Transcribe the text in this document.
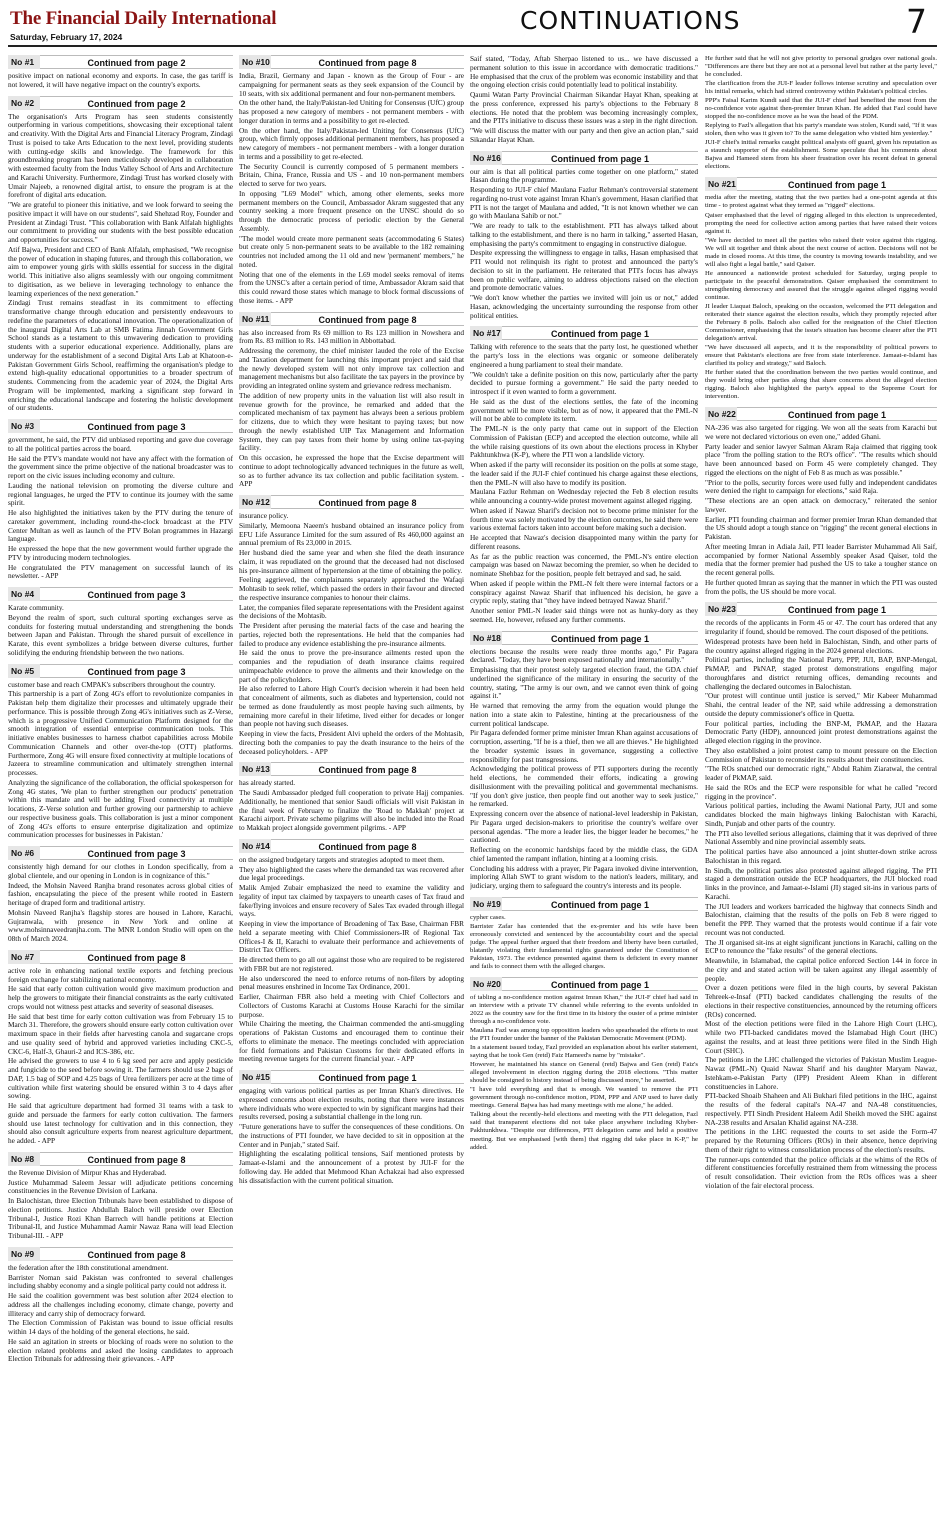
The Financial Daily International
Saturday, February 17, 2024
CONTINUATIONS	7
No #1	Continued from page 2

positive impact on national economy and exports. In case, the gas tariff is not lowered, it will have negative impact on the country's exports.

No #2	Continued from page 2

The organisation's Arts Program has seen students consistently outperforming in various competitions, showcasing their exceptional talent and creativity. With the Digital Arts and Financial Literacy Program, Zindagi Trust is poised to take Arts Education to the next level, providing students with cutting-edge skills and knowledge. The framework for this groundbreaking program has been meticulously developed in collaboration with esteemed faculty from the Indus Valley School of Arts and Architecture and Karachi University. Furthermore, Zindagi Trust has worked closely with Umair Najeeb, a renowned digital artist, to ensure the program is at the forefront of digital arts education.

"We are grateful to pioneer this initiative, and we look forward to seeing the positive impact it will have on our students", said Shehzad Roy, Founder and President at Zindagi Trust. "This collaboration with Bank Alfalah highlights our commitment to providing our students with the best possible education and opportunities for success."

Atif Bajwa, President and CEO of Bank Alfalah, emphasised, "We recognise the power of education in shaping futures, and through this collaboration, we aim to empower young girls with skills essential for success in the digital world. This initiative also aligns seamlessly with our ongoing commitment to digitisation, as we believe in leveraging technology to enhance the learning experiences of the next generation."

Zindagi Trust remains steadfast in its commitment to effecting transformative change through education and persistently endeavours to redefine the parameters of educational innovation. The operationalization of the inaugural Digital Arts Lab at SMB Fatima Jinnah Government Girls School stands as a testament to this unwavering dedication to providing students with a superior educational experience. Additionally, plans are underway for the establishment of a second Digital Arts Lab at Khatoon-e-Pakistan Government Girls School, reaffirming the organisation's pledge to extend high-quality educational opportunities to a broader spectrum of students. Commencing from the academic year of 2024, the Digital Arts Program will be implemented, marking a significant step forward in enriching the educational landscape and fostering the holistic development of our students.

No #3	Continued from page 3

government, he said, the PTV did unbiased reporting and gave due coverage to all the political parties across the board.

He said the PTV's mandate would not have any affect with the formation of the government since the prime objective of the national broadcaster was to report on the civic issues including economy and culture.

Lauding the national television on promoting the diverse culture and regional languages, he urged the PTV to continue its journey with the same spirit.

He also highlighted the initiatives taken by the PTV during the tenure of caretaker government, including round-the-clock broadcast at the PTV Center Multan as well as launch of the PTV Bolan programmes in Hazargi language.

He expressed the hope that the new government would further upgrade the PTV by introducing modern technologies.

He congratulated the PTV management on successful launch of its newsletter. - APP

No #4	Continued from page 3

Karate community.

Beyond the realm of sport, such cultural sporting exchanges serve as conduits for fostering mutual understanding and strengthening the bonds between Japan and Pakistan. Through the shared pursuit of excellence in Karate, this event symbolizes a bridge between diverse cultures, further solidifying the enduring friendship between the two nations.

No #5	Continued from page 3

customer base and reach CMPAK's subscribers throughout the country.

This partnership is a part of Zong 4G's effort to revolutionize companies in Pakistan help them digitalize their processes and ultimately upgrade their performance. This is possible through Zong 4G's initiatives such as Z-Verse, which is a progressive Unified Communication Platform designed for the smooth integration of essential enterprise communication tools. This initiative enables businesses to harness chatbot capabilities across Mobile Communication Channels and other over-the-top (OTT) platforms. Furthermore, Zong 4G will ensure fixed connectivity at multiple locations of Jazeera to streamline communication and ultimately strengthen internal processes.

Analyzing the significance of the collaboration, the official spokesperson for Zong 4G states, 'We plan to further strengthen our products' penetration within this mandate and will be adding Fixed connectivity at multiple locations, Z-Verse solution and further growing our partnership to achieve our respective business goals. This collaboration is just a minor component of Zong 4G's efforts to ensure enterprise digitalization and optimize communication processes for businesses in Pakistan.'

No #6	Continued from page 3

consistently high demand for our clothes in London specifically, from a global clientele, and our opening in London is in cognizance of this."

Indeed, the Mohsin Naveed Ranjha brand resonates across global cities of fashion, encapsulating the piece of the present while rooted in Eastern heritage of draped form and traditional artistry.

Mohsin Naveed Ranjha's flagship stores are housed in Lahore, Karachi, Gujranwala, with presence in New York and online at www.mohsinnaveedranjha.com. The MNR London Studio will open on the 08th of March 2024.

No #7	Continued from page 8

active role in enhancing national textile exports and fetching precious foreign exchange for stabilizing national economy.

He said that early cotton cultivation would give maximum production and help the growers to mitigate their financial constraints as the early cultivated crops would not witness pest attacks and severity of seasonal diseases.

He said that best time for early cotton cultivation was from February 15 to March 31. Therefore, the growers should ensure early cotton cultivation over maximum space in their fields after harvesting canola and sugarcane crops and use quality seed of hybrid and approved varieties including CKC-5, CKC-6, Half-3, Ghauri-2 and ICS-386, etc.

He advised the growers to use 4 to 6 kg seed per acre and apply pesticide and fungicide to the seed before sowing it. The farmers should use 2 bags of DAP, 1.5 bag of SOP and 4.25 bags of Urea fertilizers per acre at the time of cultivation while first watering should be ensured within 3 to 4 days after sowing.

He said that agriculture department had formed 31 teams with a task to guide and persuade the farmers for early cotton cultivation. The farmers should use latest technology for cultivation and in this connection, they should also consult agriculture experts from nearest agriculture department, he added. - APP

No #8	Continued from page 8

the Revenue Division of Mirpur Khas and Hyderabad.

Justice Muhammad Saleem Jessar will adjudicate petitions concerning constituencies in the Revenue Division of Larkana.

In Balochistan, three Election Tribunals have been established to dispose of election petitions. Justice Abdullah Baloch will preside over Election Tribunal-I, Justice Rozi Khan Barrech will handle petitions at Election Tribunal-II, and Justice Muhammad Aamir Nawaz Rana will lead Election Tribunal-III. - APP

No #9	Continued from page 8

the federation after the 18th constitutional amendment.

Barrister Noman said Pakistan was confronted to several challenges including shabby economy and a single political party could not address it.

He said the coalition government was best solution after 2024 election to address all the challenges including economy, climate change, poverty and illiteracy and carry ship of democracy forward.

The Election Commission of Pakistan was bound to issue official results within 14 days of the holding of the general elections, he said.

He said an agitation in streets or blocking of roads were no solution to the election related problems and asked the losing candidates to approach Election Tribunals for addressing their grievances. - APP

No #10	Continued from page 8

India, Brazil, Germany and Japan - known as the Group of Four - are campaigning for permanent seats as they seek expansion of the Council by 10 seats, with six additional permanent and four non-permanent members.

On the other hand, the Italy/Pakistan-led Uniting for Consensus (UfC) group has proposed a new category of members - not permanent members - with longer duration in terms and a possibility to get re-elected.

On the other hand, the Italy/Pakistan-led Uniting for Consensus (UfC) group, which firmly opposes additional permanent members, has proposed a new category of members - not permanent members - with a longer duration in terms and a possibility to get re-elected.

The Security Council is currently composed of 5 permanent members - Britain, China, France, Russia and US - and 10 non-permanent members elected to serve for two years.

In opposing "L69 Model" which, among other elements, seeks more permanent members on the Council, Ambassador Akram suggested that any country seeking a more frequent presence on the UNSC should do so through the democratic process of periodic election by the General Assembly.

"The model would create more permanent seats (accommodating 6 States) but create only 5 non-permanent seats to be available to the 182 remaining countries not included among the 11 old and new 'permanent' members," he noted.

Noting that one of the elements in the L69 model seeks removal of items from the UNSC's after a certain period of time, Ambassador Akram said that this could reward those states which manage to block formal discussions of those items. - APP

No #11	Continued from page 8

has also increased from Rs 69 million to Rs 123 million in Nowshera and from Rs. 83 million to Rs. 143 million in Abbottabad.

Addressing the ceremony, the chief minister lauded the role of the Excise and Taxation department for launching this important project and said that the newly developed system will not only improve tax collection and management mechanisms but also facilitate the tax payers in the province by providing an integrated online system and grievance redress mechanism.

The addition of new property units in the valuation list will also result in revenue growth for the province, he remarked and added that the complicated mechanism of tax payment has always been a serious problem for citizens, due to which they were hesitant to paying taxes; but now through the newly established UIP Tax Management and Information System, they can pay taxes from their home by using online tax-paying facility.

On this occasion, he expressed the hope that the Excise department will continue to adopt technologically advanced techniques in the future as well, so as to further advance its tax collection and public facilitation system. - APP

No #12	Continued from page 8

insurance policy.

Similarly, Memoona Naeem's husband obtained an insurance policy from EFU Life Assurance Limited for the sum assured of Rs 460,000 against an annual premium of Rs 23,000 in 2015.

Her husband died the same year and when she filed the death insurance claim, it was repudiated on the ground that the deceased had not disclosed his pre-insurance ailment of hypertension at the time of obtaining the policy.

Feeling aggrieved, the complainants separately approached the Wafaqi Mohtasib to seek relief, which passed the orders in their favour and directed the respective insurance companies to honour their claims.

Later, the companies filed separate representations with the President against the decisions of the Mohtasib.

The President after perusing the material facts of the case and hearing the parties, rejected both the representations. He held that the companies had failed to produce any evidence establishing the pre-insurance ailments.

He said the onus to prove the pre-insurance ailments rested upon the companies and the repudiation of death insurance claims required unimpeachable evidence to prove the ailments and their knowledge on the part of the policyholders.

He also referred to Lahore High Court's decision wherein it had been held that concealment of ailments, such as diabetes and hypertension, could not be termed as done fraudulently as most people having such ailments, by remaining more careful in their lifetime, lived either for decades or longer than people not having such diseases.

Keeping in view the facts, President Alvi upheld the orders of the Mohtasib, directing both the companies to pay the death insurance to the heirs of the deceased policyholders. - APP

No #13	Continued from page 8

has already started.

The Saudi Ambassador pledged full cooperation to private Hajj companies. Additionally, he mentioned that senior Saudi officials will visit Pakistan in the final week of February to finalize the 'Road to Makkah' project at Karachi airport. Private scheme pilgrims will also be included into the Road to Makkah project alongside government pilgrims. - APP

No #14	Continued from page 8

on the assigned budgetary targets and strategies adopted to meet them.

They also highlighted the cases where the demanded tax was recovered after due legal proceedings.

Malik Amjed Zubair emphasized the need to examine the validity and legality of input tax claimed by taxpayers to unearth cases of Tax fraud and fake/flying invoices and ensure recovery of Sales Tax evaded through illegal ways.

Keeping in view the importance of Broadening of Tax Base, Chairman FBR held a separate meeting with Chief Commissioners-IR of Regional Tax Offices-I & II, Karachi to evaluate their performance and achievements of District Tax Officers.

He directed them to go all out against those who are required to be registered with FBR but are not registered.

He also underscored the need to enforce returns of non-filers by adopting penal measures enshrined in Income Tax Ordinance, 2001.

Earlier, Chairman FBR also held a meeting with Chief Collectors and Collectors of Customs Karachi at Customs House Karachi for the similar purpose.

While Chairing the meeting, the Chairman commended the anti-smuggling operations of Pakistan Customs and encouraged them to continue their efforts to eliminate the menace. The meetings concluded with appreciation for field formations and Pakistan Customs for their dedicated efforts in meeting revenue targets for the current financial year. - APP

No #15	Continued from page 1

engaging with various political parties as per Imran Khan's directives. He expressed concerns about election results, noting that there were instances where individuals who were expected to win by significant margins had their results reversed, posing a substantial challenge in the long run.

"Future generations have to suffer the consequences of these conditions. On the instructions of PTI founder, we have decided to sit in opposition at the Center and in Punjab," stated Saif.

Highlighting the escalating political tensions, Saif mentioned protests by Jamaat-e-Islami and the announcement of a protest by JUI-F for the following day. He added that Mehmood Khan Achakzai had also expressed his dissatisfaction with the current political situation.

Saif stated, "Today, Aftab Sherpao listened to us... we have discussed a permanent solution to this issue in accordance with democratic traditions." He emphasised that the crux of the problem was economic instability and that the ongoing election crisis could potentially lead to political instability.

Qaumi Watan Party Provincial Chairman Sikandar Hayat Khan, speaking at the press conference, expressed his party's objections to the February 8 elections. He noted that the problem was becoming increasingly complex, and the PTI's initiative to discuss these issues was a step in the right direction.

"We will discuss the matter with our party and then give an action plan," said Sikandar Hayat Khan.

No #16	Continued from page 1

our aim is that all political parties come together on one platform," stated Hasan during the programme.

Responding to JUI-F chief Maulana Fazlur Rehman's controversial statement regarding no-trust vote against Imran Khan's government, Hasan clarified that PTI is not the target of Maulana and added, "It is not known whether we can go with Maulana Sahib or not."

"We are ready to talk to the establishment. PTI has always talked about talking to the establishment, and there is no harm in talking," asserted Hasan, emphasising the party's commitment to engaging in constructive dialogue.

Despite expressing the willingness to engage in talks, Hasan emphasised that PTI would not relinquish its right to protest and announced the party's decision to sit in the parliament. He reiterated that PTI's focus has always been on public welfare, aiming to address objections raised on the election and promote democratic values.

"We don't know whether the parties we invited will join us or not," added Hasan, acknowledging the uncertainty surrounding the response from other political entities.

No #17	Continued from page 1

Talking with reference to the seats that the party lost, he questioned whether the party's loss in the elections was organic or someone deliberately engineered a hung parliament to steal their mandate.

"We couldn't take a definite position on this now, particularly after the party decided to pursue forming a government." He said the party needed to introspect if it even wanted to form a government.

He said as the dust of the elections settles, the fate of the incoming government will be more visible, but as of now, it appeared that the PML-N will not be able to complete its term.

The PML-N is the only party that came out in support of the Election Commission of Pakistan (ECP) and accepted the election outcome, while all the while raising questions of its own about the elections process in Khyber Pakhtunkhwa (K-P), where the PTI won a landslide victory.

When asked if the party will reconsider its position on the polls at some stage, the leader said if the JUI-F chief continued his charge against these elections, then the PML-N will also have to modify its position.

Maulana Fazlur Rehman on Wednesday rejected the Feb 8 election results while announcing a country-wide protest movement against alleged rigging.

When asked if Nawaz Sharif's decision not to become prime minister for the fourth time was solely motivated by the election outcomes, he said there were various external factors taken into account before making such a decision.

He accepted that Nawaz's decision disappointed many within the party for different reasons.

As far as the public reaction was concerned, the PML-N's entire election campaign was based on Nawaz becoming the premier, so when he decided to nominate Shehbaz for the position, people felt betrayed and sad, he said.

When asked if people within the PML-N felt there were internal factors or a conspiracy against Nawaz Sharif that influenced his decision, he gave a cryptic reply, stating that "they have indeed betrayed Nawaz Sharif."

Another senior PML-N leader said things were not as hunky-dory as they seemed. He, however, refused any further comments.

No #18	Continued from page 1

elections because the results were ready three months ago," Pir Pagara declared. "Today, they have been exposed nationally and internationally."

Emphasising that their protest solely targeted election fraud, the GDA chief underlined the significance of the military in ensuring the security of the country, stating, "The army is our own, and we cannot even think of going against it."

He warned that removing the army from the equation would plunge the nation into a state akin to Palestine, hinting at the precariousness of the current political landscape.

Pir Pagara defended former prime minister Imran Khan against accusations of corruption, asserting, "If he is a thief, then we all are thieves." He highlighted the broader systemic issues in governance, suggesting a collective responsibility for past transgressions.

Acknowledging the political prowess of PTI supporters during the recently held elections, he commended their efforts, indicating a growing disillusionment with the prevailing political and governmental mechanisms. "If you don't give justice, then people find out another way to seek justice," he remarked.

Expressing concern over the absence of national-level leadership in Pakistan, Pir Pagara urged decision-makers to prioritise the country's welfare over personal agendas. "The more a leader lies, the bigger leader he becomes," he cautioned.

Reflecting on the economic hardships faced by the middle class, the GDA chief lamented the rampant inflation, hinting at a looming crisis.

Concluding his address with a prayer, Pir Pagara invoked divine intervention, imploring Allah SWT to grant wisdom to the nation's leaders, military, and judiciary, urging them to safeguard the country's interests and its people.

No #19	Continued from page 1

cypher cases.

Barrister Zafar has contended that the ex-premier and his wife have been erroneously convicted and sentenced by the accountability court and the special judge. The appeal further argued that their freedom and liberty have been curtailed, blatantly violating their fundamental rights guaranteed under the Constitution of Pakistan, 1973. The evidence presented against them is deficient in every manner and fails to connect them with the alleged charges.

No #20	Continued from page 1

of tabling a no-confidence motion against Imran Khan," the JUI-F chief had said in an interview with a private TV channel while referring to the events unfolded in 2022 as the country saw for the first time in its history the ouster of a prime minister through a no-confidence vote.

Maulana Fazl was among top opposition leaders who spearheaded the efforts to oust the PTI founder under the banner of the Pakistan Democratic Movement (PDM).

In a statement issued today, Fazl provided an explanation about his earlier statement, saying that he took Gen (retd) Faiz Hameed's name by "mistake".

However, he maintained his stance on General (retd) Bajwa and Gen (retd) Faiz's alleged involvement in election rigging during the 2018 elections. "This matter should be consigned to history instead of being discussed more," he asserted.

"I have told everything and that is enough. We wanted to remove the PTI government through no-confidence motion, PDM, PPP and ANP used to have daily meetings. General Bajwa has had many meetings with me alone," he added.

Talking about the recently-held elections and meeting with the PTI delegation, Fazl said that transparent elections did not take place anywhere including Khyber-Pakhtunkhwa. "Despite our differences, PTI delegation came and held a positive meeting. But we emphasised [with them] that rigging did take place in K-P," he added.

He further said that he will not give priority to personal grudges over national goals. "Differences are there but they are not at a personal level but rather at the party level," he concluded.

The clarification from the JUI-F leader follows intense scrutiny and speculation over his initial remarks, which had stirred controversy within Pakistan's political circles.

PPP's Faisal Karim Kundi said that the JUI-F chief had benefited the most from the no-confidence vote against then-premier Imran Khan. He added that Fazl could have stopped the no-confidence move as he was the head of the PDM.

Replying to Fazl's allegation that his party's mandate was stolen, Kundi said, "If it was stolen, then who was it given to? To the same delegation who visited him yesterday."

JUI-F chief's initial remarks caught political analysts off guard, given his reputation as a staunch supporter of the establishment. Some speculate that his comments about Bajwa and Hameed stem from his sheer frustration over his recent defeat in general elections.

No #21	Continued from page 1

media after the meeting, stating that the two parties had a one-point agenda at this time - to protest against what they termed as "rigged" elections.

Qaiser emphasised that the level of rigging alleged in this election is unprecedented, prompting the need for collective action among parties that have raised their voices against it.

"We have decided to meet all the parties who raised their voice against this rigging. We will sit together and think about the next course of action. Decisions will not be made in closed rooms. At this time, the country is moving towards instability, and we will also fight a legal battle," said Qaiser.

He announced a nationwide protest scheduled for Saturday, urging people to participate in the peaceful demonstration. Qaiser emphasised the commitment to strengthening democracy and assured that the struggle against alleged rigging would continue.

JI leader Liaquat Baloch, speaking on the occasion, welcomed the PTI delegation and reiterated their stance against the election results, which they promptly rejected after the February 8 polls. Baloch also called for the resignation of the Chief Election Commissioner, emphasising that the issue's situation has become clearer after the PTI delegation's arrival.

"We have discussed all aspects, and it is the responsibility of political powers to ensure that Pakistan's elections are free from state interference. Jamaat-e-Islami has clarified its policy and strategy," said Baloch.

He further stated that the coordination between the two parties would continue, and they would bring other parties along that share concerns about the alleged election rigging. Baloch also highlighted the party's appeal to the Supreme Court for intervention.

No #22	Continued from page 1

NA-236 was also targeted for rigging. We won all the seats from Karachi but we were not declared victorious on even one," added Ghani.

Party leader and senior lawyer Salman Akram Raja claimed that rigging took place "from the polling station to the RO's office". "The results which should have been announced based on Form 45 were completely changed. They rigged the elections on the night of Feb 8 as much as was possible."

"Prior to the polls, security forces were used fully and independent candidates were denied the right to campaign for elections," said Raja.

"These elections are an open attack on democracy," reiterated the senior lawyer.

Earlier, PTI founding chairman and former premier Imran Khan demanded that the US should adopt a tough stance on "rigging" the recent general elections in Pakistan.

After meeting Imran in Adiala Jail, PTI leader Barrister Muhammad Ali Saif, accompanied by former National Assembly speaker Asad Qaiser, told the media that the former premier had pushed the US to take a tougher stance on the recent general polls.

He further quoted Imran as saying that the manner in which the PTI was ousted from the polls, the US should be more vocal.

No #23	Continued from page 1

the records of the applicants in Form 45 or 47. The court has ordered that any irregularity if found, should be removed. The court disposed of the petitions.

Widespread protests have been held in Balochistan, Sindh, and other parts of the country against alleged rigging in the 2024 general elections.

Political parties, including the National Party, PPP, JUI, BAP, BNP-Mengal, PkMAP, and PkNAP, staged protest demonstrations engulfing major thoroughfares and district returning offices, demanding recounts and challenging the declared outcomes in Balochistan.

"Our protest will continue until justice is served," Mir Kabeer Muhammad Shahi, the central leader of the NP, said while addressing a demonstration outside the deputy commissioner's office in Quetta.

Four political parties, including the BNP-M, PkMAP, and the Hazara Democratic Party (HDP), announced joint protest demonstrations against the alleged election rigging in the province.

They also established a joint protest camp to mount pressure on the Election Commission of Pakistan to reconsider its results about their constituencies.

"The ROs snatched our democratic right," Abdul Rahim Ziaratwal, the central leader of PkMAP, said.

He said the ROs and the ECP were responsible for what he called "record rigging in the province".

Various political parties, including the Awami National Party, JUI and some candidates blocked the main highways linking Balochistan with Karachi, Sindh, Punjab and other parts of the country.

The PTI also levelled serious allegations, claiming that it was deprived of three National Assembly and nine provincial assembly seats.

The political parties have also announced a joint shutter-down strike across Balochistan in this regard.

In Sindh, the political parties also protested against alleged rigging. The PTI staged a demonstration outside the ECP headquarters, the JUI blocked road links in the province, and Jamaat-e-Islami (JI) staged sit-ins in various parts of Karachi.

The JUI leaders and workers barricaded the highway that connects Sindh and Balochistan, claiming that the results of the polls on Feb 8 were rigged to benefit the PPP. They warned that the protests would continue if a fair vote recount was not conducted.

The JI organised sit-ins at eight significant junctions in Karachi, calling on the ECP to renounce the "fake results" of the general elections.

Meanwhile, in Islamabad, the capital police enforced Section 144 in force in the city and and stated action will be taken against any illegal assembly of people.

Over a dozen petitions were filed in the high courts, by several Pakistan Tehreek-e-Insaf (PTI) backed candidates challenging the results of the elections in their respective constituencies, announced by the returning officers (ROs) concerned.

Most of the election petitions were filed in the Lahore High Court (LHC), while two PTI-backed candidates moved the Islamabad High Court (IHC) against the results, and at least three petitions were filed in the Sindh High Court (SHC).

The petitions in the LHC challenged the victories of Pakistan Muslim League-Nawaz (PML-N) Quaid Nawaz Sharif and his daughter Maryam Nawaz, Istehkam-e-Pakistan Party (IPP) President Aleem Khan in different constituencies in Lahore.

PTI-backed Shoaib Shaheen and Ali Bukhari filed petitions in the IHC, against the results of the federal capital's NA-47 and NA-48 constituencies, respectively. PTI Sindh President Haleem Adil Sheikh moved the SHC against NA-238 results and Arsalan Khalid against NA-238.

The petitions in the LHC requested the courts to set aside the Form-47 prepared by the Returning Officers (ROs) in their absence, hence depriving them of their right to witness consolidation process of the election's results.

The runner-ups contended that the police officials at the whims of the ROs of different constituencies forcefully restrained them from witnessing the process of result consolidation. Their eviction from the ROs offices was a sheer violation of the fair electoral process.
